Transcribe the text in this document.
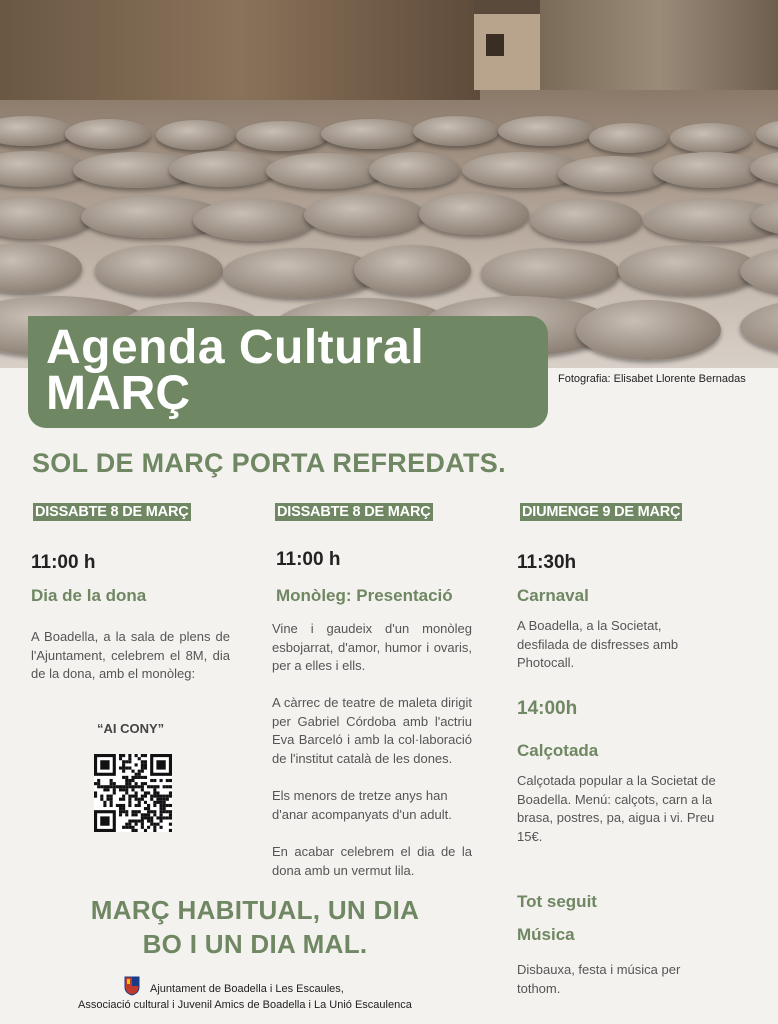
Agenda Cultural
MARÇ	Fotografia: Elisabet Llorente Bernadas
SOL DE MARÇ PORTA REFREDATS.
DISSABTE 8 DE MARÇ
11:00 h
Dia de la dona
A Boadella, a la sala de plens de l'Ajuntament, celebrem el 8M, dia de la dona, amb el monòleg:
“AI CONY”
DISSABTE 8 DE MARÇ
11:00 h
Monòleg: Presentació
Vine i gaudeix d'un monòleg esbojarrat, d'amor, humor i ovaris, per a elles i ells.
A càrrec de teatre de maleta dirigit per Gabriel Córdoba amb l'actriu Eva Barceló i amb la col·laboració de l'institut català de les dones.
Els menors de tretze anys han d'anar acompanyats d'un adult.
En acabar celebrem el dia de la dona amb un vermut lila.
DIUMENGE 9 DE MARÇ
11:30h
Carnaval
A Boadella, a la Societat, desfilada de disfresses amb Photocall.
14:00h
Calçotada
Calçotada popular a la Societat de Boadella. Menú: calçots, carn a la brasa, postres, pa, aigua i vi. Preu 15€.
Tot seguit
Música
Disbauxa, festa i música per tothom.
MARÇ HABITUAL, UN DIA
BO I UN DIA MAL.
Ajuntament de Boadella i Les Escaules,
Associació cultural i Juvenil Amics de Boadella i La Unió Escaulenca
